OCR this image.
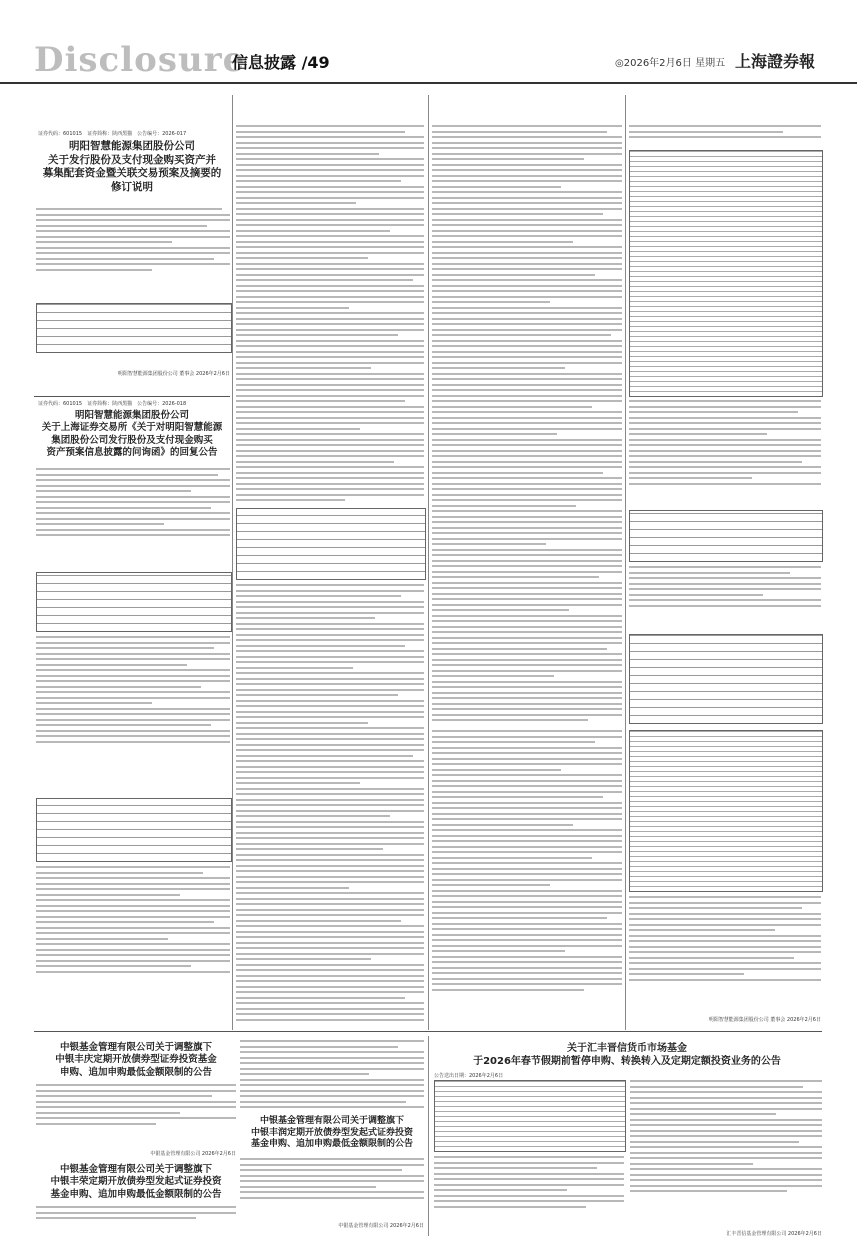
Disclosure
信息披露 /49	◎2026年2月6日 星期五 上海證券報
证券代码：601015　证券简称：陕西黑猫　公告编号：2026-017
明阳智慧能源集团股份公司
关于发行股份及支付现金购买资产并
募集配套资金暨关联交易预案及摘要的
修订说明
明阳智慧能源集团股份公司 董事会 2026年2月6日
证券代码：601015　证券简称：陕西黑猫　公告编号：2026-018
明阳智慧能源集团股份公司
关于上海证券交易所《关于对明阳智慧能源
集团股份公司发行股份及支付现金购买
资产预案信息披露的问询函》的回复公告
明阳智慧能源集团股份公司 董事会 2026年2月6日
中银基金管理有限公司关于调整旗下
中银丰庆定期开放债券型证券投资基金
申购、追加申购最低金额限制的公告
中银基金管理有限公司 2026年2月6日
中银基金管理有限公司关于调整旗下
中银丰荣定期开放债券型发起式证券投资
基金申购、追加申购最低金额限制的公告
中银基金管理有限公司关于调整旗下
中银丰润定期开放债券型发起式证券投资
基金申购、追加申购最低金额限制的公告
中银基金管理有限公司 2026年2月6日
关于汇丰晋信货币市场基金
于2026年春节假期前暂停申购、转换转入及定期定额投资业务的公告
公告送出日期：2026年2月6日
汇丰晋信基金管理有限公司 2026年2月6日
